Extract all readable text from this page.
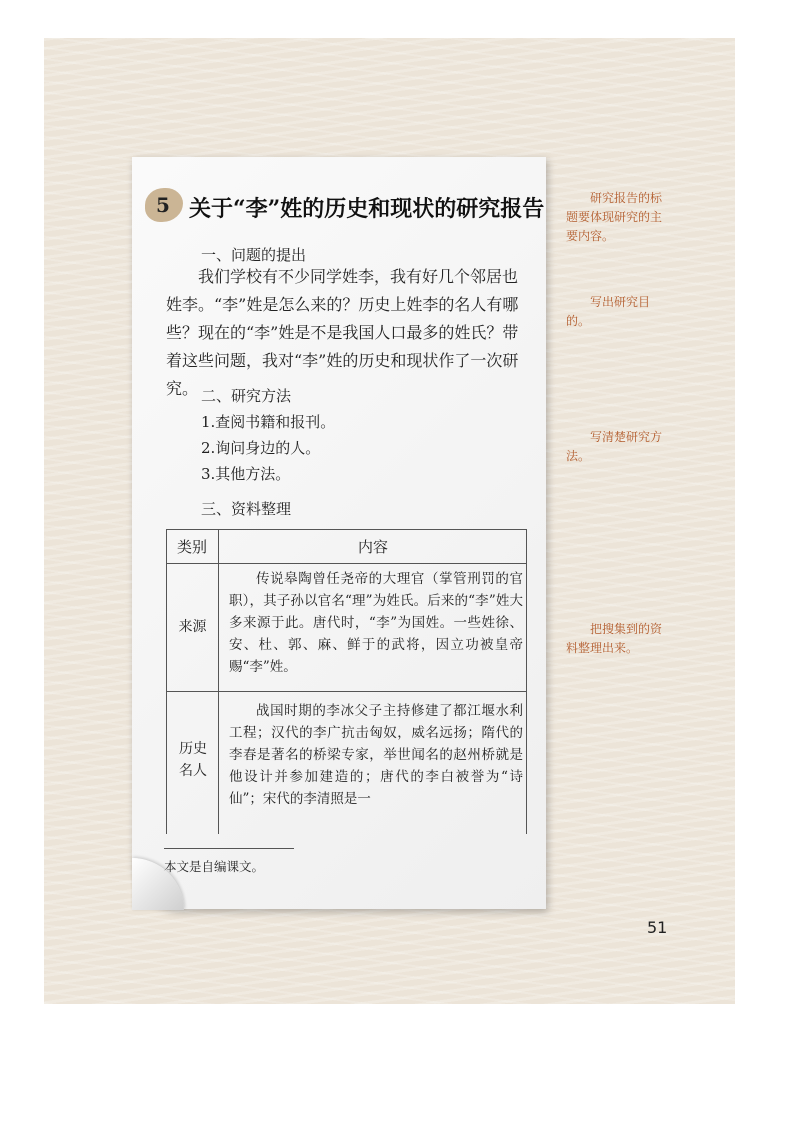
5 关于“李”姓的历史和现状的研究报告
一、问题的提出

我们学校有不少同学姓李，我有好几个邻居也姓李。“李”姓是怎么来的？历史上姓李的名人有哪些？现在的“李”姓是不是我国人口最多的姓氏？带着这些问题，我对“李”姓的历史和现状作了一次研究。 二、研究方法
1.查阅书籍和报刊。
2.询问身边的人。
3.其他方法。
三、资料整理
类别	内容
来源

传说皋陶曾任尧帝的大理官（掌管刑罚的官职），其子孙以官名“理”为姓氏。后来的“李”姓大多来源于此。唐代时，“李”为国姓。一些姓徐、安、杜、郭、麻、鲜于的武将，因立功被皇帝赐“李”姓。

历史名人

战国时期的李冰父子主持修建了都江堰水利工程；汉代的李广抗击匈奴，威名远扬；隋代的李春是著名的桥梁专家，举世闻名的赵州桥就是他设计并参加建造的；唐代的李白被誉为“诗仙”；宋代的李清照是一

本文是自编课文。
51
研究报告的标题要体现研究的主要内容。
写出研究目的。
写清楚研究方法。
把搜集到的资料整理出来。
